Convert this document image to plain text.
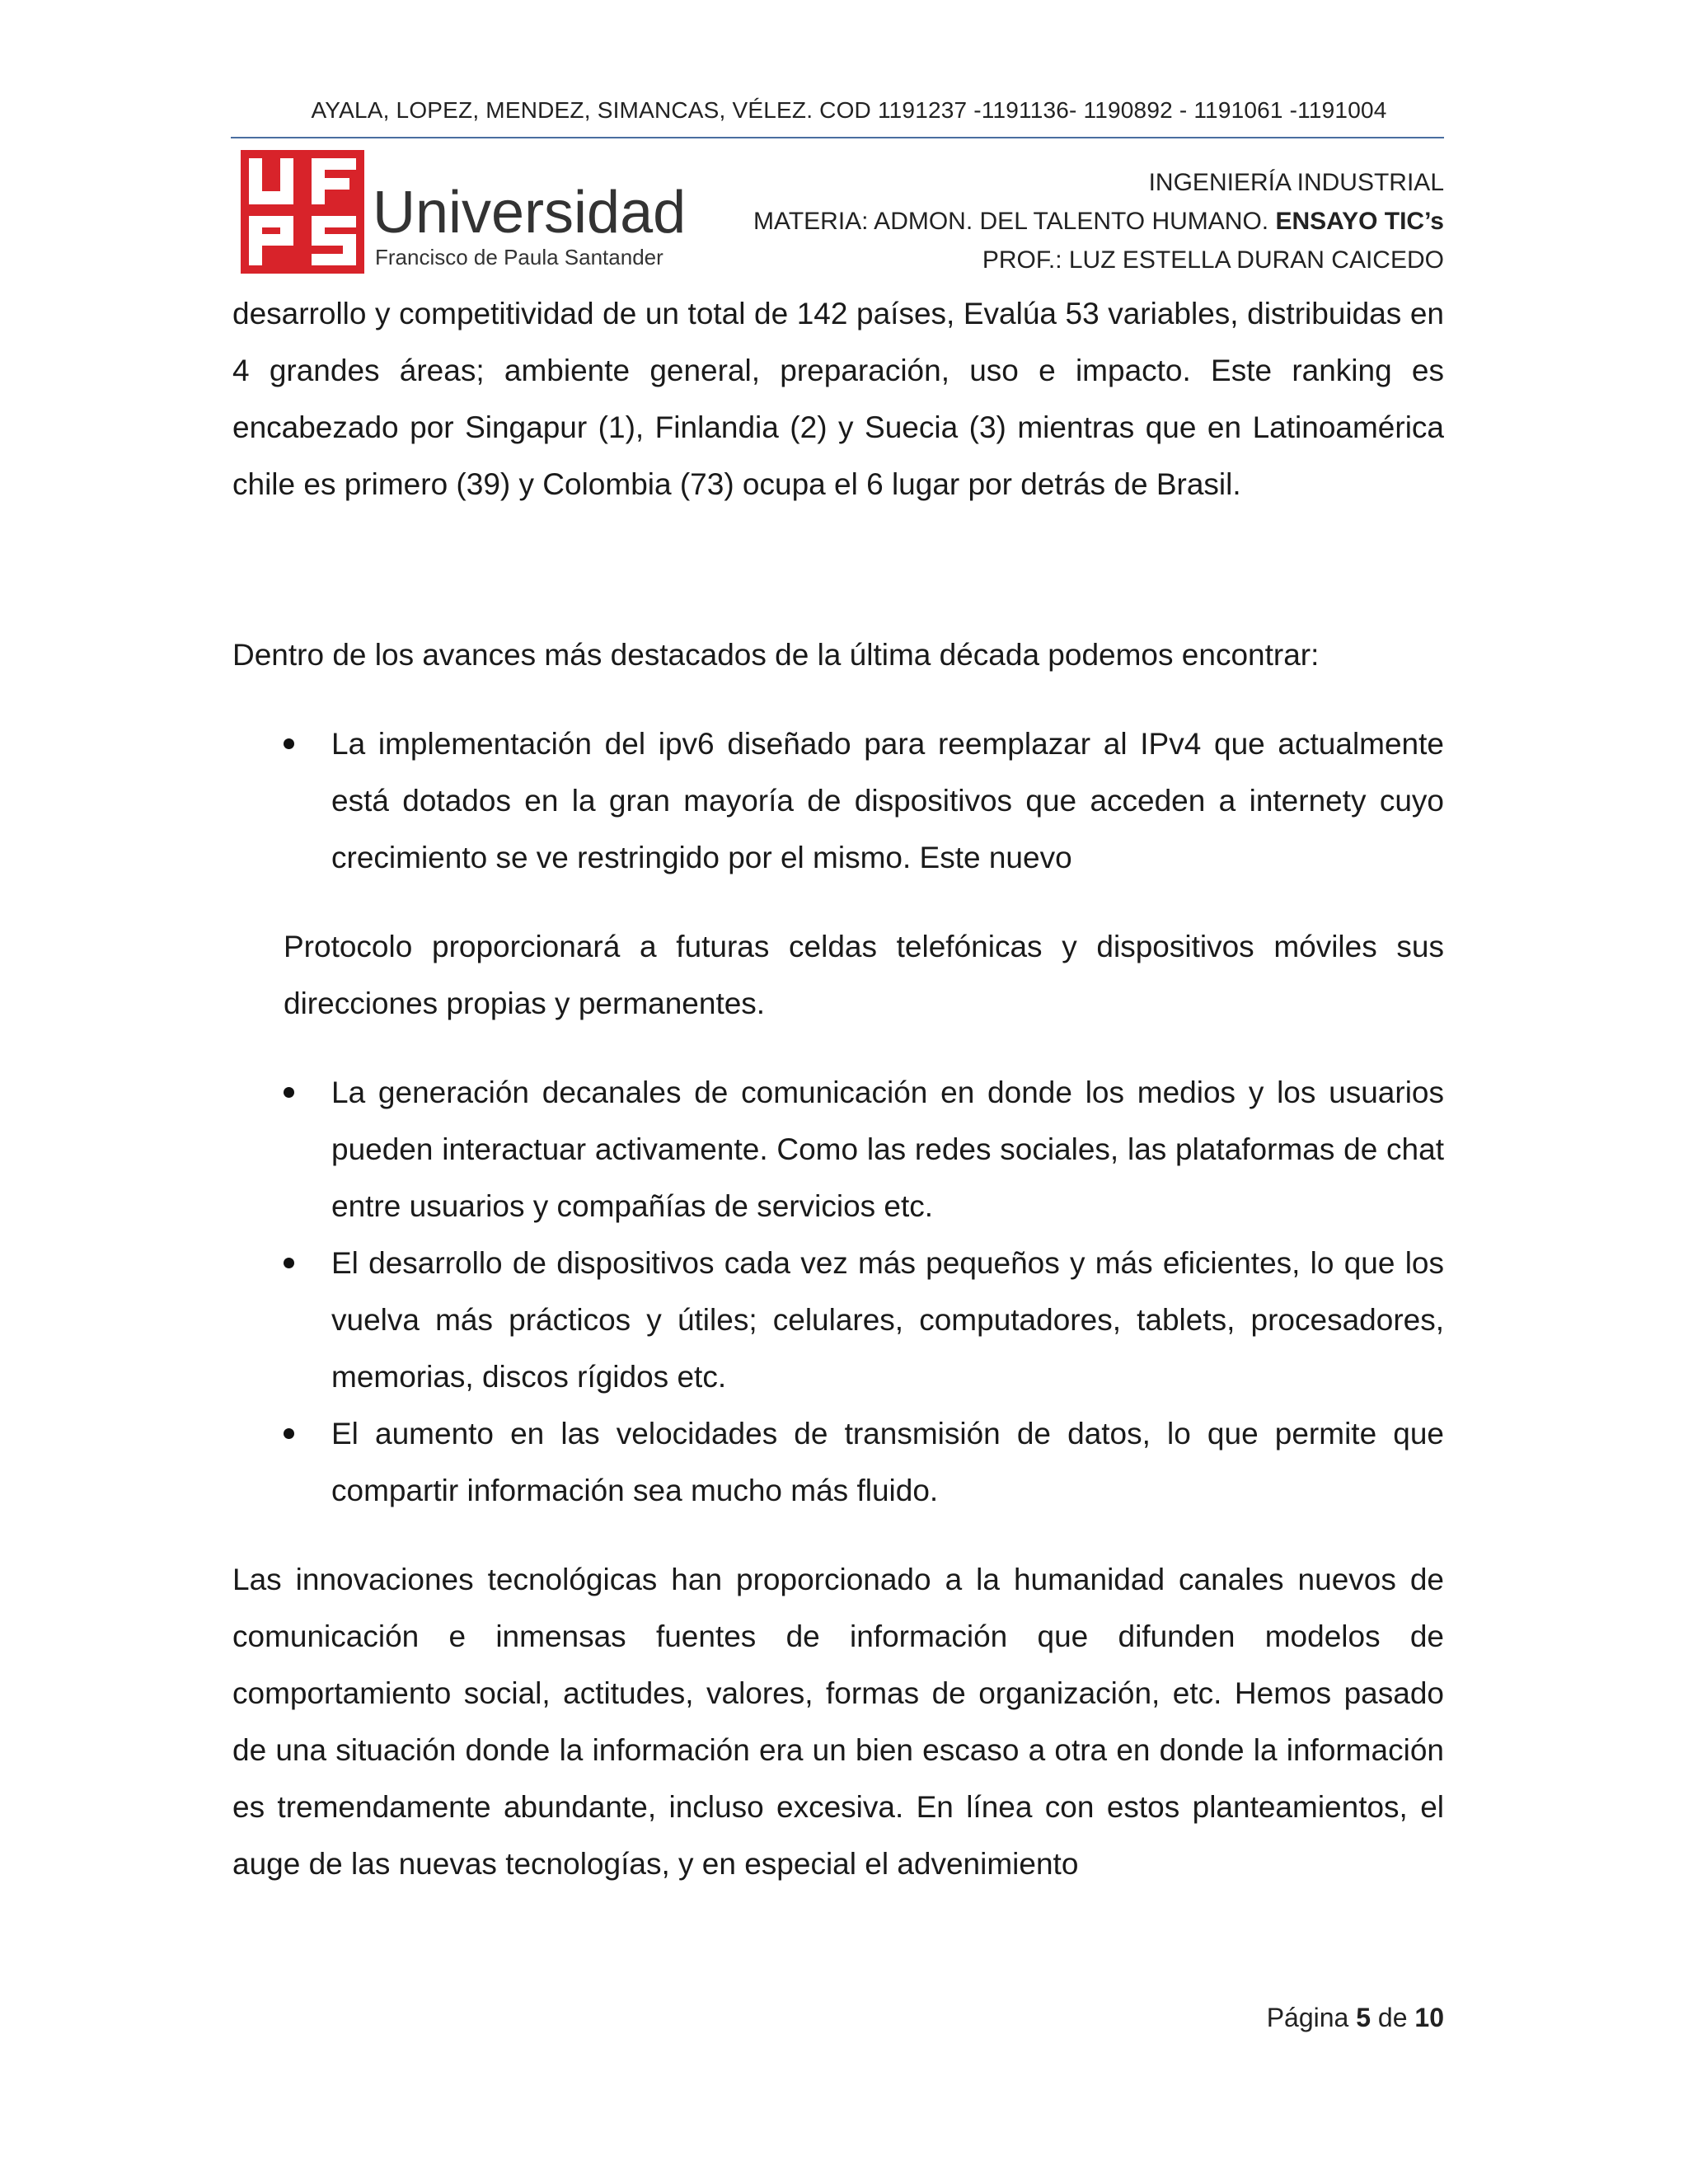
AYALA, LOPEZ, MENDEZ, SIMANCAS, VÉLEZ. COD 1191237 -1191136- 1190892 - 1191061 -1191004
Universidad
Francisco de Paula Santander
INGENIERÍA INDUSTRIAL
MATERIA: ADMON. DEL TALENTO HUMANO. ENSAYO TIC’s
PROF.: LUZ ESTELLA DURAN CAICEDO

desarrollo y competitividad de un total de 142 países, Evalúa 53 variables, distribuidas en 4 grandes áreas; ambiente general, preparación, uso e impacto. Este ranking es encabezado por Singapur (1), Finlandia (2) y Suecia (3) mientras que en Latinoamérica chile es primero (39) y Colombia (73) ocupa el 6 lugar por detrás de Brasil.

Dentro de los avances más destacados de la última década podemos encontrar:

La implementación del ipv6 diseñado para reemplazar al IPv4 que actualmente está dotados en la gran mayoría de dispositivos que acceden a internety cuyo crecimiento se ve restringido por el mismo. Este nuevo

Protocolo proporcionará a futuras celdas telefónicas y dispositivos móviles sus direcciones propias y permanentes.

La generación decanales de comunicación en donde los medios y los usuarios pueden interactuar activamente. Como las redes sociales, las plataformas de chat entre usuarios y compañías de servicios etc.
El desarrollo de dispositivos cada vez más pequeños y más eficientes, lo que los vuelva más prácticos y útiles; celulares, computadores, tablets, procesadores, memorias, discos rígidos etc.
El aumento en las velocidades de transmisión de datos, lo que permite que compartir información sea mucho más fluido.

Las innovaciones tecnológicas han proporcionado a la humanidad canales nuevos de comunicación e inmensas fuentes de información que difunden modelos de comportamiento social, actitudes, valores, formas de organización, etc. Hemos pasado de una situación donde la información era un bien escaso a otra en donde la información es tremendamente abundante, incluso excesiva. En línea con estos planteamientos, el auge de las nuevas tecnologías, y en especial el advenimiento

Página 5 de 10
